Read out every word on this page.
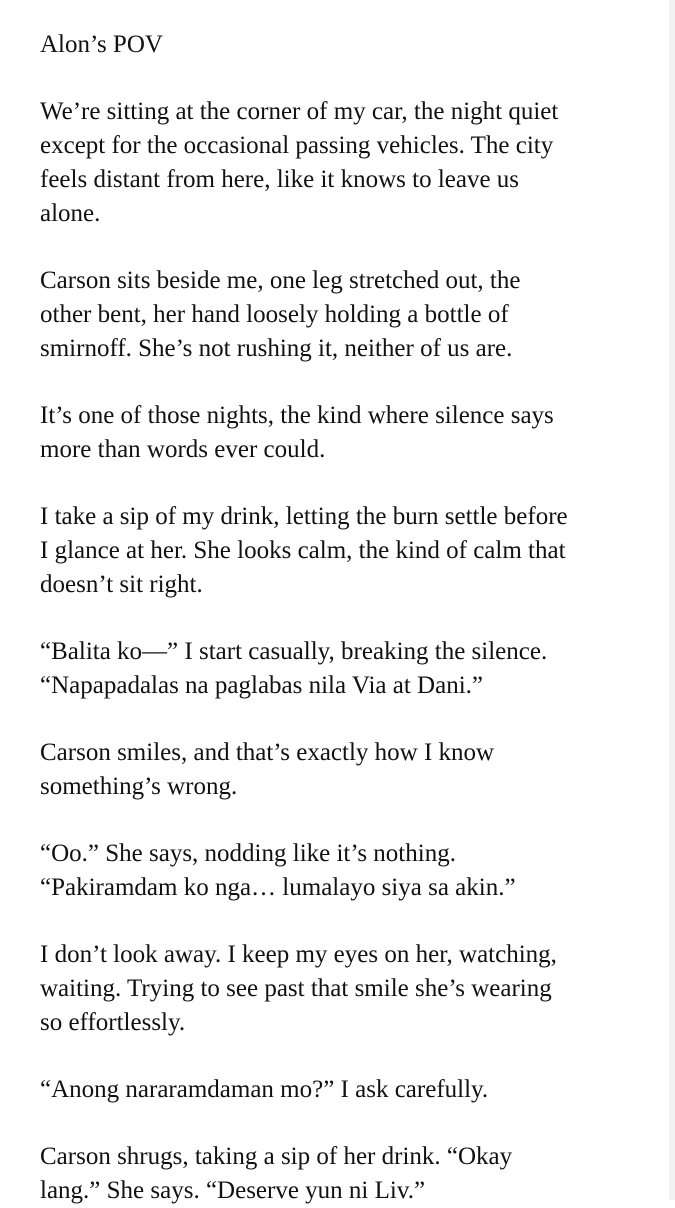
Alon’s POV
We’re sitting at the corner of my car, the night quiet
except for the occasional passing vehicles. The city
feels distant from here, like it knows to leave us
alone.
Carson sits beside me, one leg stretched out, the
other bent, her hand loosely holding a bottle of
smirnoff. She’s not rushing it, neither of us are.
It’s one of those nights, the kind where silence says
more than words ever could.
I take a sip of my drink, letting the burn settle before
I glance at her. She looks calm, the kind of calm that
doesn’t sit right.
“Balita ko—” I start casually, breaking the silence.
“Napapadalas na paglabas nila Via at Dani.”
Carson smiles, and that’s exactly how I know
something’s wrong.
“Oo.” She says, nodding like it’s nothing.
“Pakiramdam ko nga… lumalayo siya sa akin.”
I don’t look away. I keep my eyes on her, watching,
waiting. Trying to see past that smile she’s wearing
so effortlessly.
“Anong nararamdaman mo?” I ask carefully.
Carson shrugs, taking a sip of her drink. “Okay
lang.” She says. “Deserve yun ni Liv.”
